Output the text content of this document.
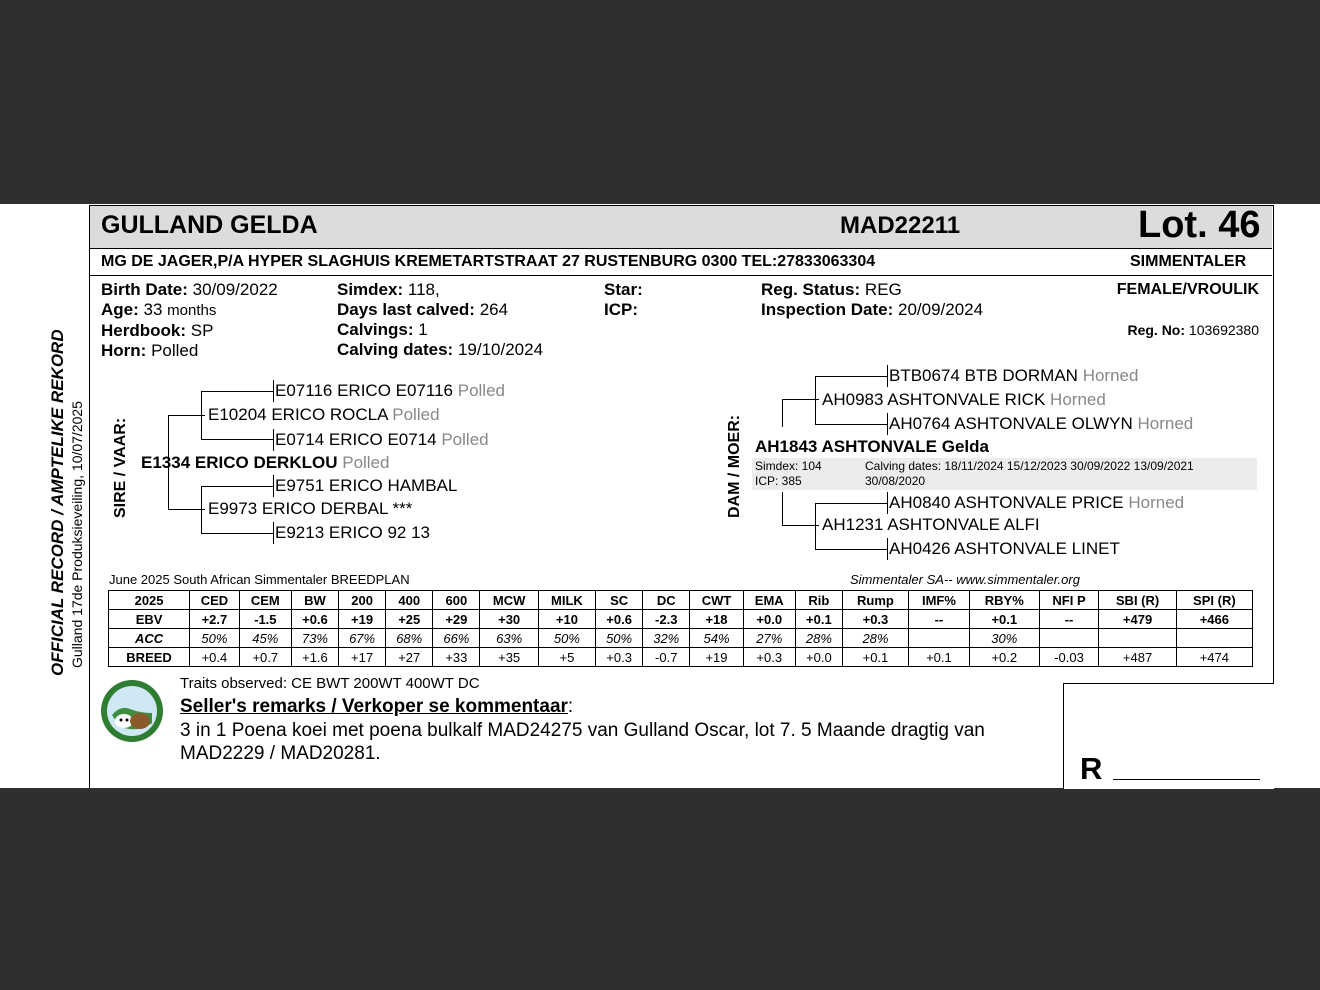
OFFICIAL RECORD / AMPTELIKE REKORD Gulland 17de Produksieveiling, 10/07/2025
GULLAND GELDA	MAD22211	Lot. 46
MG DE JAGER,P/A HYPER SLAGHUIS KREMETARTSTRAAT 27 RUSTENBURG 0300 TEL:27833063304	SIMMENTALER
Birth Date: 30/09/2022
Age: 33 months
Herdbook: SP
Horn: Polled
Simdex: 118,
Days last calved: 264
Calvings: 1
Calving dates: 19/10/2024
Star:
ICP:
Reg. Status: REG
Inspection Date: 20/09/2024
FEMALE/VROULIK
Reg. No: 103692380
SIRE / VAAR: E1334 ERICO DERKLOU Polled
E10204 ERICO ROCLA Polled
E07116 ERICO E07116 Polled
E0714 ERICO E0714 Polled
E9973 ERICO DERBAL ***
E9751 ERICO HAMBAL
E9213 ERICO 92 13
DAM / MOER: AH1843 ASHTONVALE Gelda
Simdex: 104
ICP: 385
Calving dates: 18/11/2024 15/12/2023 30/09/2022 13/09/2021
30/08/2020
AH0983 ASHTONVALE RICK Horned
BTB0674 BTB DORMAN Horned
AH0764 ASHTONVALE OLWYN Horned
AH1231 ASHTONVALE ALFI
AH0840 ASHTONVALE PRICE Horned
AH0426 ASHTONVALE LINET
June 2025 South African Simmentaler BREEDPLAN	Simmentaler SA-- www.simmentaler.org
2025	CED	CEM	BW	200	400	600	MCW	MILK	SC	DC	CWT	EMA	Rib	Rump	IMF%	RBY%	NFI P	SBI (R)	SPI (R)
EBV	+2.7	-1.5	+0.6	+19	+25	+29	+30	+10	+0.6	-2.3	+18	+0.0	+0.1	+0.3	--	+0.1	--	+479	+466
ACC	50%	45%	73%	67%	68%	66%	63%	50%	50%	32%	54%	27%	28%	28%		30%			
BREED	+0.4	+0.7	+1.6	+17	+27	+33	+35	+5	+0.3	-0.7	+19	+0.3	+0.0	+0.1	+0.1	+0.2	-0.03	+487	+474
Traits observed: CE BWT 200WT 400WT DC
Seller's remarks / Verkoper se kommentaar:
3 in 1 Poena koei met poena bulkalf MAD24275 van Gulland Oscar, lot 7. 5 Maande dragtig van
MAD2229 / MAD20281.	R
